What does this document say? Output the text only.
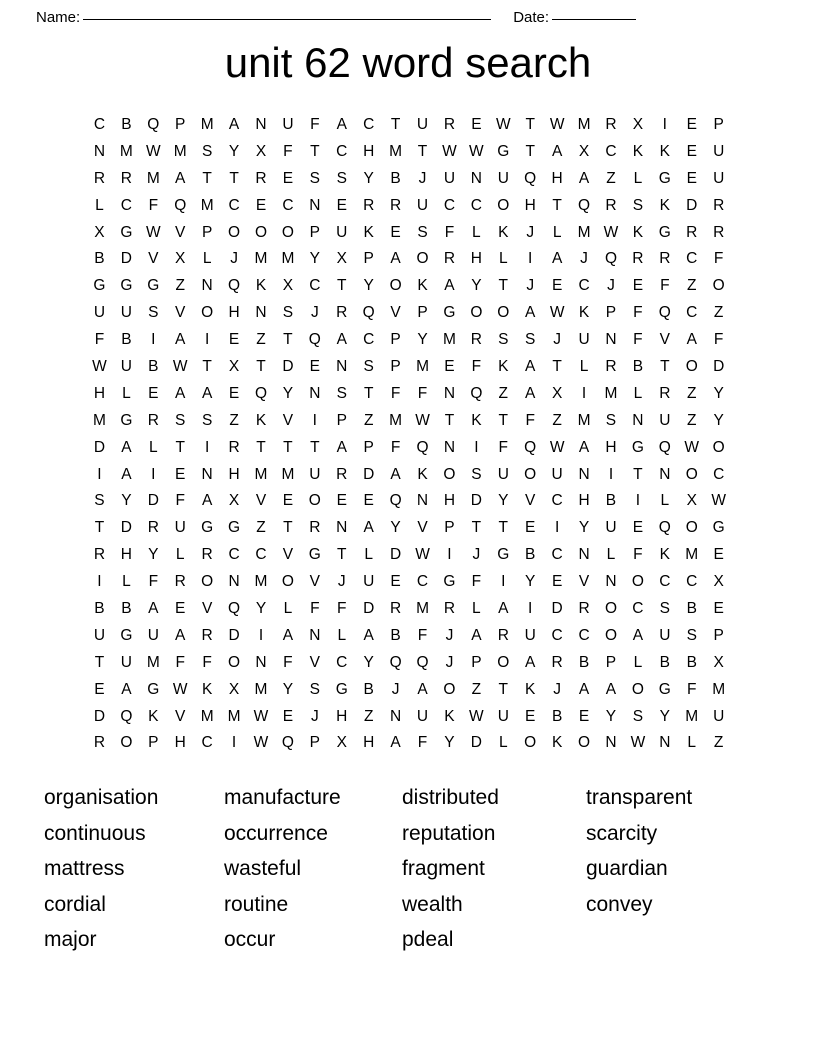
Name:	Date:
unit 62 word search
C	B	Q	P M A	N	U	F	A	C	T	U	R	E W T W M R	X	I	E	P
N M W M S	Y	X	F	T	C	H M	T W W G	T	A	X	C	K	K	E	U
R	R M A	T	T	R	E	S	S	Y	B	J	U	N	U Q H	A	Z	L	G	E	U
L	C	F	Q M C	E	C	N	E	R	R	U	C	C O H	T	Q R	S	K	D	R
X	G W V	P	O O O	P	U	K	E	S	F	L	K	J	L	M W K	G R	R
B	D	V	X	L	J	M M Y	X	P	A	O R	H	L	I	A	J	Q R	R	C	F
G G G	Z	N Q	K	X	C	T	Y	O	K	A	Y	T	J	E	C	J	E	F	Z	O
U	U	S	V	O H	N	S	J	R Q	V	P	G O O	A W K	P	F	Q C	Z
F	B	I	A	I	E	Z	T	Q	A	C	P	Y M R	S	S	J	U	N	F	V	A	F
W U	B W T	X	T	D	E	N	S	P M E	F	K	A	T	L	R	B	T	O D
H	L	E	A	A	E	Q	Y	N	S	T	F	F	N Q	Z	A	X	I	M	L	R	Z	Y
M G R	S	S	Z	K	V	I	P	Z	M W T	K	T	F	Z	M S	N	U	Z	Y
D	A	L	T	I	R	T	T	T	A	P	F	Q N	I	F	Q W A	H G Q W O
I	A	I	E	N	H M M U	R	D	A	K	O	S	U O U	N	I	T	N O C
S	Y	D	F	A	X	V	E	O	E	E	Q N	H	D	Y	V	C	H	B	I	L	X W
T	D	R	U G G	Z	T	R	N	A	Y	V	P	T	T	E	I	Y	U	E	Q O G
R	H	Y	L	R	C	C	V	G	T	L	D W	I	J	G	B	C	N	L	F	K M E
I	L	F	R O N M O	V	J	U	E	C G	F	I	Y	E	V	N O C	C	X
B	B	A	E	V	Q	Y	L	F	F	D	R M R	L	A	I	D	R O C	S	B	E
U G U	A	R	D	I	A	N	L	A	B	F	J	A	R	U	C	C O	A	U	S	P
T	U M	F	F	O N	F	V	C	Y	Q Q	J	P	O	A	R	B	P	L	B	B	X
E	A	G W K	X M Y	S	G	B	J	A	O	Z	T	K	J	A	A	O G	F	M
D Q	K	V M M W E	J	H	Z	N	U	K W U	E	B	E	Y	S	Y M U
R O	P	H	C	I	W Q	P	X	H	A	F	Y	D	L	O	K	O N W N	L	Z
organisation	manufacture	distributed	transparent
continuous	occurrence	reputation	scarcity
mattress	wasteful	fragment	guardian
cordial	routine	wealth	convey
major	occur	pdeal
